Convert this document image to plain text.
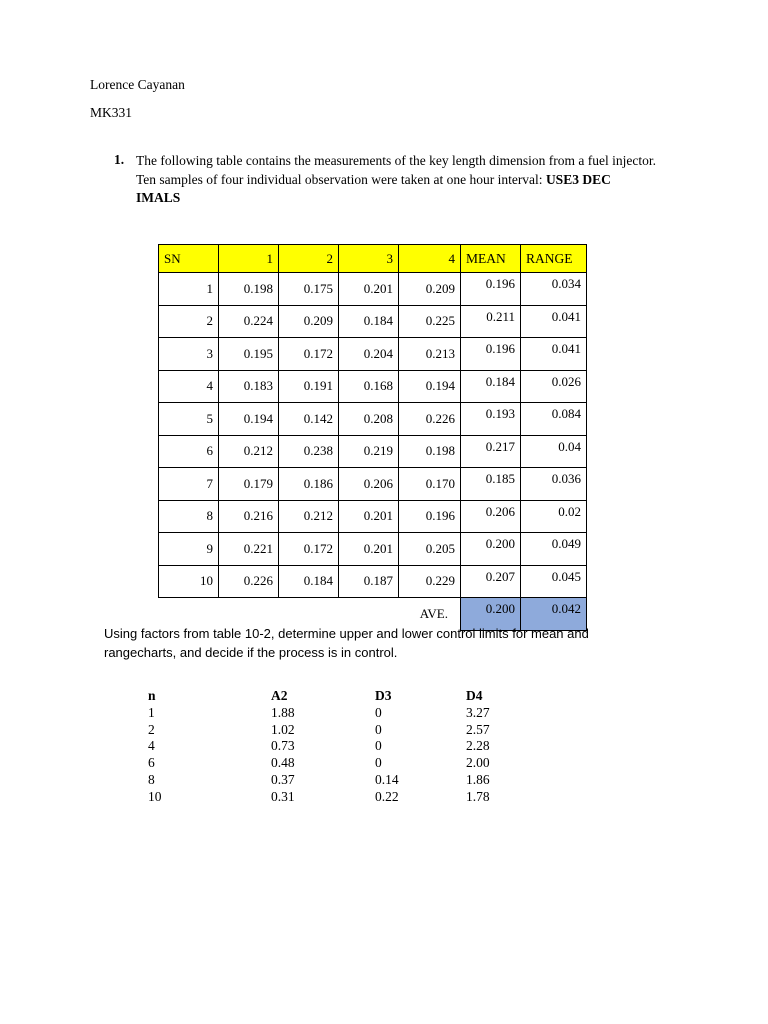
Lorence Cayanan
MK331
1. The following table contains the measurements of the key length dimension from a fuel injector. Ten samples of four individual observation were taken at one hour interval: USE3 DEC IMALS
SN	1	2	3	4	MEAN	RANGE
1	0.198	0.175	0.201	0.209	0.196	0.034
2	0.224	0.209	0.184	0.225	0.211	0.041
3	0.195	0.172	0.204	0.213	0.196	0.041
4	0.183	0.191	0.168	0.194	0.184	0.026
5	0.194	0.142	0.208	0.226	0.193	0.084
6	0.212	0.238	0.219	0.198	0.217	0.04
7	0.179	0.186	0.206	0.170	0.185	0.036
8	0.216	0.212	0.201	0.196	0.206	0.02
9	0.221	0.172	0.201	0.205	0.200	0.049
10	0.226	0.184	0.187	0.229	0.207	0.045
AVE.					0.200	0.042
Using factors from table 10-2, determine upper and lower control limits for mean and rangecharts, and decide if the process is in control.
n	A2	D3	D4
1	1.88	0	3.27
2	1.02	0	2.57
4	0.73	0	2.28
6	0.48	0	2.00
8	0.37	0.14	1.86
10	0.31	0.22	1.78
